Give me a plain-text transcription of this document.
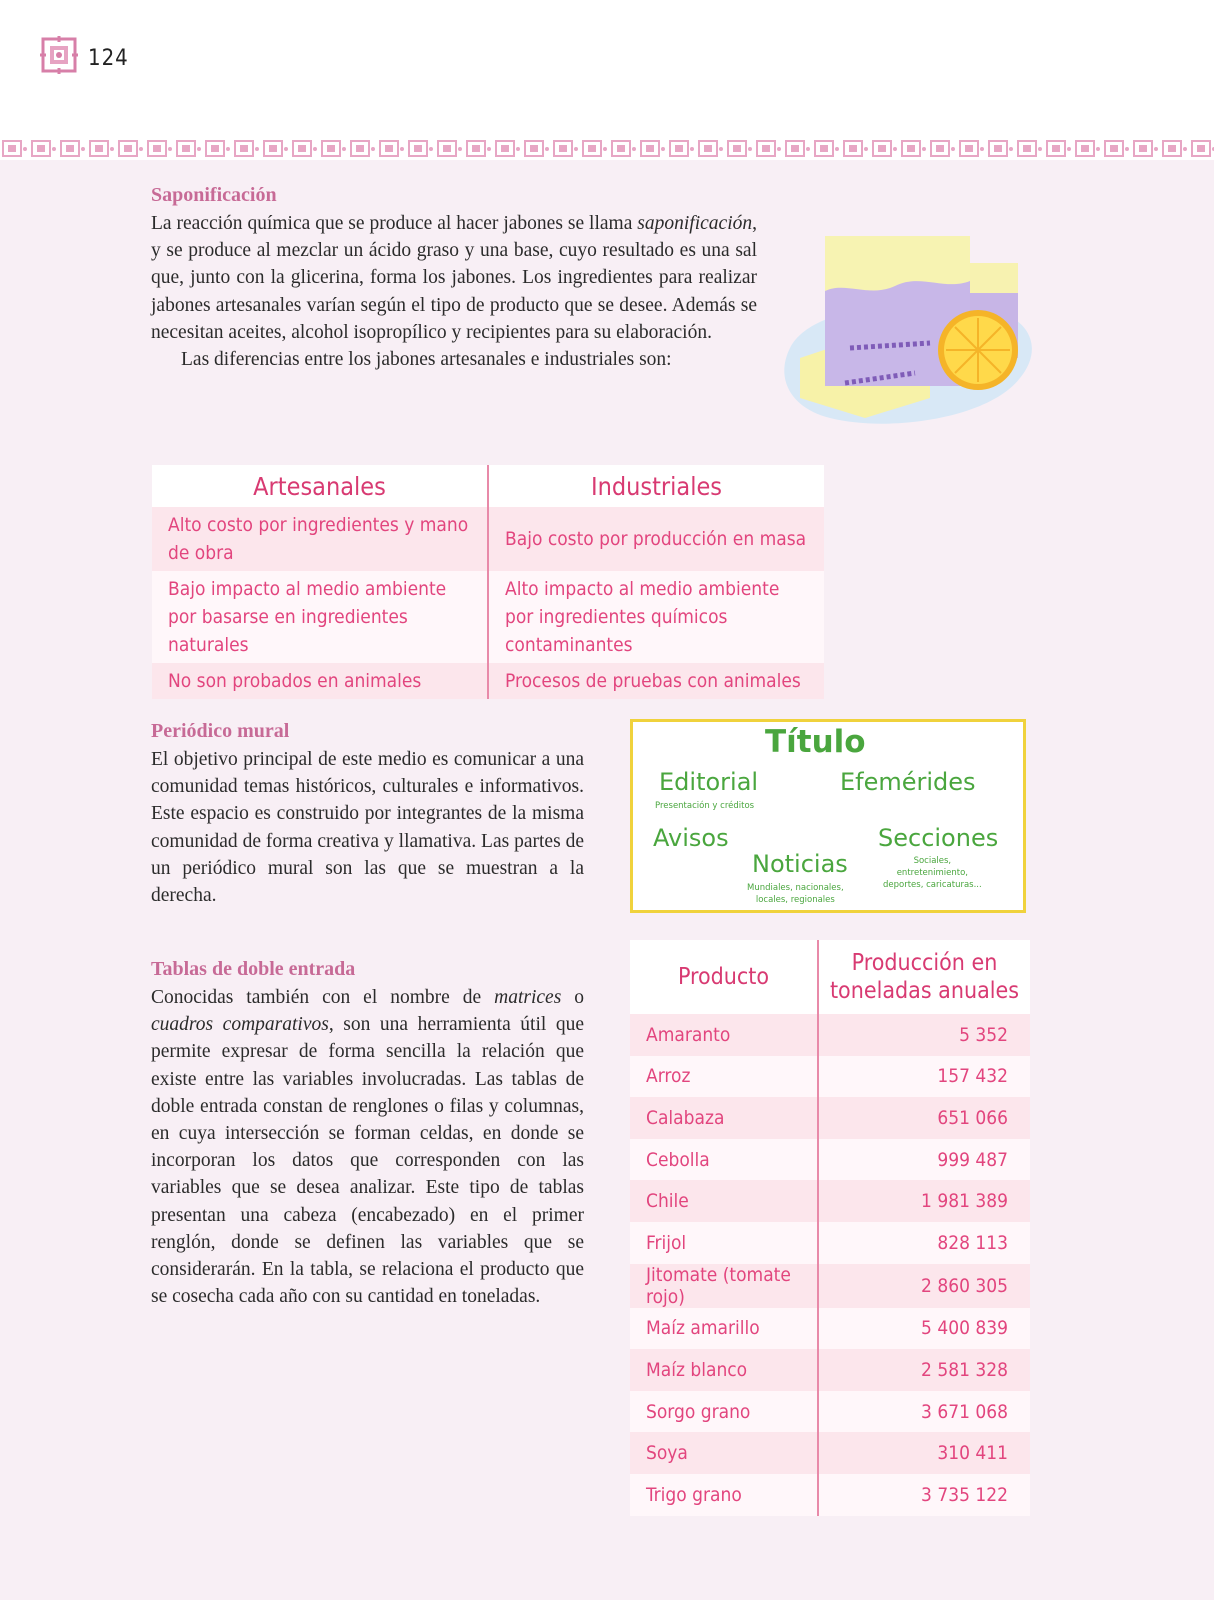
124
Saponificación

La reacción química que se produce al hacer jabones se llama saponificación, y se produce al mezclar un ácido graso y una base, cuyo resultado es una sal que, junto con la glicerina, forma los jabones. Los ingredientes para realizar jabones artesanales varían según el tipo de producto que se desee. Además se necesitan aceites, alcohol isopropílico y recipientes para su elaboración.

Las diferencias entre los jabones artesanales e industriales son:

Artesanales	Industriales
Alto costo por ingredientes y mano de obra	Bajo costo por producción en masa
Bajo impacto al medio ambiente por basarse en ingredientes naturales	Alto impacto al medio ambiente por ingredientes químicos contaminantes
No son probados en animales	Procesos de pruebas con animales
Periódico mural
El objetivo principal de este medio es comunicar a una comunidad temas históricos, culturales e informativos. Este espacio es construido por integrantes de la misma comunidad de forma creativa y llamativa. Las partes de un periódico mural son las que se muestran a la derecha.
Título
Editorial
Presentación y créditos
Efemérides
Avisos
Noticias
Mundiales, nacionales,
locales, regionales
Secciones
Sociales,
entretenimiento,
deportes, caricaturas...
Tablas de doble entrada
Conocidas también con el nombre de matrices o cuadros comparativos, son una herramienta útil que permite expresar de forma sencilla la relación que existe entre las variables involucradas. Las tablas de doble entrada constan de renglones o filas y columnas, en cuya intersección se forman celdas, en donde se incorporan los datos que corresponden con las variables que se desea analizar. Este tipo de tablas presentan una cabeza (encabezado) en el primer renglón, donde se definen las variables que se considerarán. En la tabla, se relaciona el producto que se cosecha cada año con su cantidad en toneladas.
Producto	Producción en toneladas anuales
Amaranto	5 352
Arroz	157 432
Calabaza	651 066
Cebolla	999 487
Chile	1 981 389
Frijol	828 113
Jitomate (tomate rojo)	2 860 305
Maíz amarillo	5 400 839
Maíz blanco	2 581 328
Sorgo grano	3 671 068
Soya	310 411
Trigo grano	3 735 122
